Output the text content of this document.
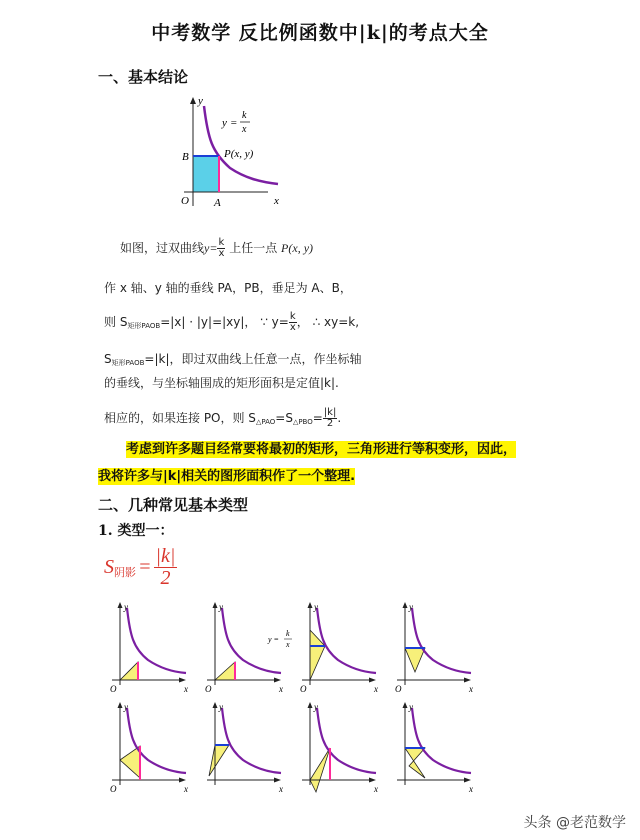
中考数学 反比例函数中|k|的考点大全
一、基本结论
y
x
B	P(x, y)
O A
y =
k
x
如图，过双曲线$y= \frac{k}{x}$ 上任一点 P(x, y)
作 x 轴、y 轴的垂线 PA，PB，垂足为 A、B，
则 $S_{矩形PAOB}=|x| \cdot |y|=|xy|$， ∵ $y= \frac{k}{x}$ ， ∴ xy=k,
$S_{矩形PAOB}=|k|$，即过双曲线上任意一点，作坐标轴
的垂线，与坐标轴围成的矩形面积是定值|k|.
相应的，如果连接 PO，则 $S_{\triangle PAO}=S_{\triangle PBO}= \frac{|k|}{2}$ .
考虑到许多题目经常要将最初的矩形，三角形进行等积变形，因此，
我将许多与|k|相关的图形面积作了一个整理.
二、几种常见基本类型
1. 类型一：
S 阴影 = $\frac{|k|}{2}$
y
x
O
y
x
O
y
x
O
y
x
O
y
x
O
y
x
y
x
y
x
y =
k
x
头条 @老范数学
